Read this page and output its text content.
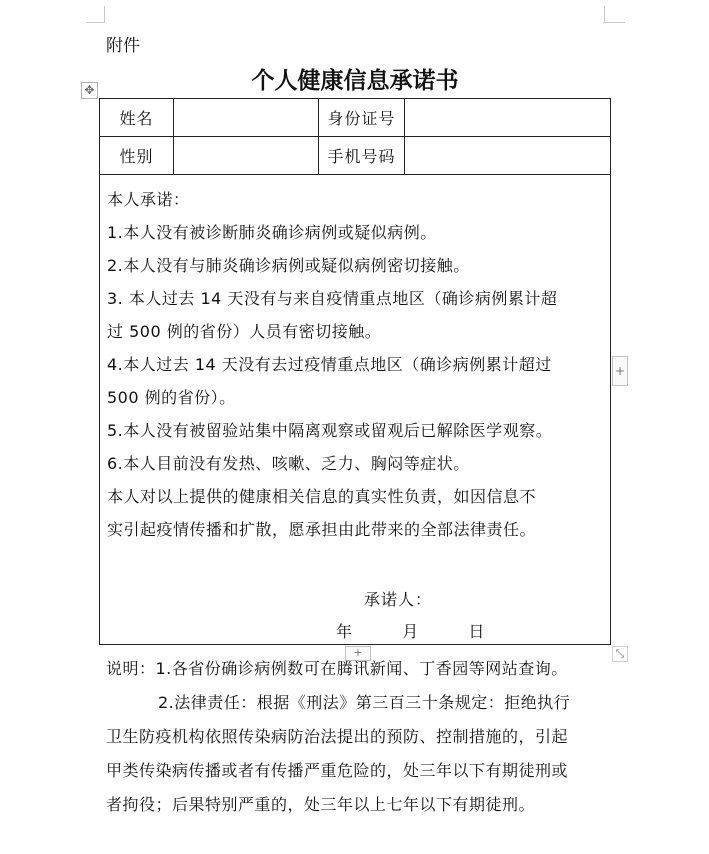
附件
个人健康信息承诺书
✥
姓名	身份证号
性别	手机号码
本人承诺：
1.本人没有被诊断肺炎确诊病例或疑似病例。
2.本人没有与肺炎确诊病例或疑似病例密切接触。
3. 本人过去 14 天没有与来自疫情重点地区（确诊病例累计超
过 500 例的省份）人员有密切接触。
4.本人过去 14 天没有去过疫情重点地区（确诊病例累计超过
500 例的省份）。
5.本人没有被留验站集中隔离观察或留观后已解除医学观察。
6.本人目前没有发热、咳嗽、乏力、胸闷等症状。
本人对以上提供的健康相关信息的真实性负责，如因信息不
实引起疫情传播和扩散，愿承担由此带来的全部法律责任。
承诺人：
年	月	日
+
+	⤡
说明：1.各省份确诊病例数可在腾讯新闻、丁香园等网站查询。
2.法律责任：根据《刑法》第三百三十条规定：拒绝执行
卫生防疫机构依照传染病防治法提出的预防、控制措施的，引起
甲类传染病传播或者有传播严重危险的，处三年以下有期徒刑或
者拘役；后果特别严重的，处三年以上七年以下有期徒刑。
